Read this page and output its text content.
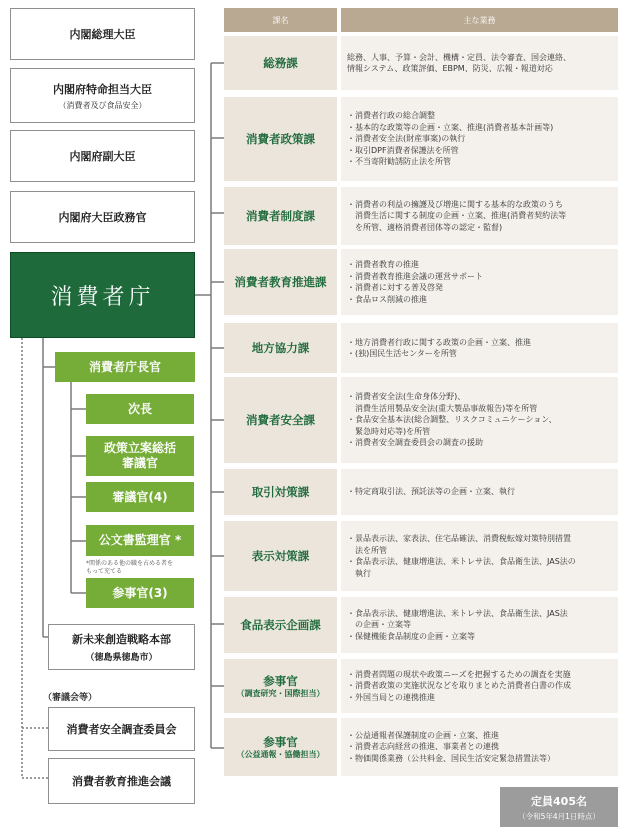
内閣総理大臣
内閣府特命担当大臣
（消費者及び食品安全）
内閣府副大臣
内閣府大臣政務官
消費者庁
消費者庁長官
次長
政策立案総括
審議官
審議官(4)
公文書監理官 *
*関係のある他の職を占める者を
もって充てる
参事官(3)
新未来創造戦略本部
（徳島県徳島市）
（審議会等）
消費者安全調査委員会
消費者教育推進会議
課名	主な業務
総務課	総務、人事、予算・会計、機構・定員、法令審査、国会連絡、
情報システム、政策評価、EBPM、防災、広報・報道対応
消費者政策課
・消費者行政の総合調整
・基本的な政策等の企画・立案、推進(消費者基本計画等)
・消費者安全法(財産事案)の執行
・取引DPF消費者保護法を所管
・不当寄附勧誘防止法を所管
消費者制度課
・消費者の利益の擁護及び増進に関する基本的な政策のうち
　消費生活に関する制度の企画・立案、推進(消費者契約法等
　を所管、適格消費者団体等の認定・監督)
消費者教育推進課
・消費者教育の推進
・消費者教育推進会議の運営サポート
・消費者に対する普及啓発
・食品ロス削減の推進
地方協力課	・地方消費者行政に関する政策の企画・立案、推進
・(独)国民生活センターを所管
消費者安全課
・消費者安全法(生命身体分野)、
　消費生活用製品安全法(重大製品事故報告)等を所管
・食品安全基本法(総合調整、リスクコミュニケーション、
　緊急時対応等)を所管
・消費者安全調査委員会の調査の援助
取引対策課	・特定商取引法、預託法等の企画・立案、執行
表示対策課
・景品表示法、家表法、住宅品確法、消費税転嫁対策特別措置
　法を所管
・食品表示法、健康増進法、米トレサ法、食品衛生法、JAS法の
　執行
食品表示企画課
・食品表示法、健康増進法、米トレサ法、食品衛生法、JAS法
　の企画・立案等
・保健機能食品制度の企画・立案等
参事官
（調査研究・国際担当）
・消費者問題の現状や政策ニーズを把握するための調査を実施
・消費者政策の実施状況などを取りまとめた消費者白書の作成
・外国当局との連携推進
参事官
（公益通報・協働担当）
・公益通報者保護制度の企画・立案、推進
・消費者志向経営の推進、事業者との連携
・物価関係業務（公共料金、国民生活安定緊急措置法等）
定員405名
（令和5年4月1日時点）
